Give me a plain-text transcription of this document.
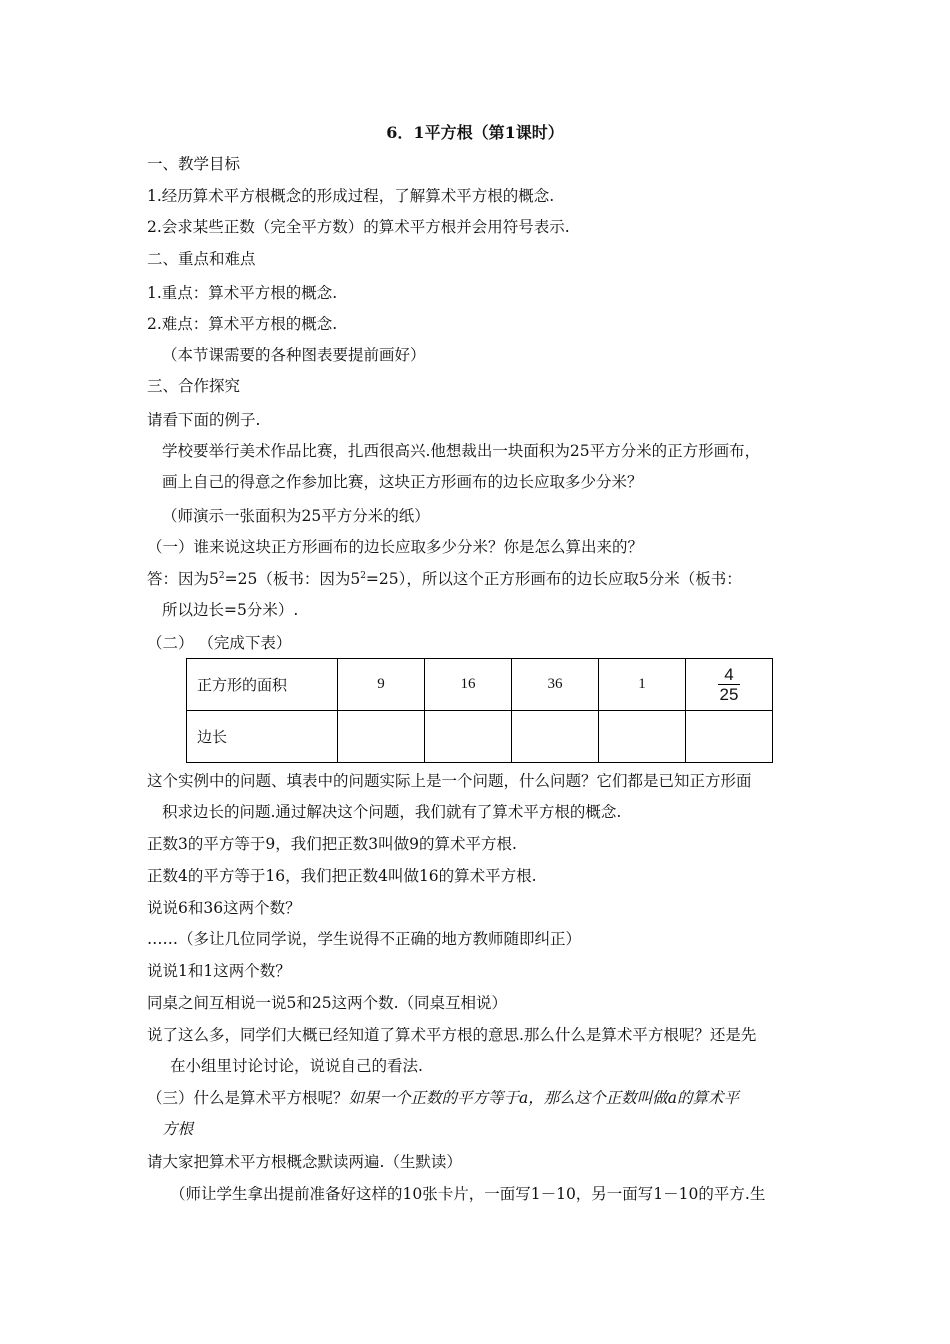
6．1平方根（第1课时）
一、教学目标
1.经历算术平方根概念的形成过程，了解算术平方根的概念.
2.会求某些正数（完全平方数）的算术平方根并会用符号表示.
二、重点和难点
1.重点：算术平方根的概念.
2.难点：算术平方根的概念.
（本节课需要的各种图表要提前画好）
三、合作探究
请看下面的例子.
学校要举行美术作品比赛，扎西很高兴.他想裁出一块面积为25平方分米的正方形画布，
画上自己的得意之作参加比赛，这块正方形画布的边长应取多少分米？
（师演示一张面积为25平方分米的纸）
（一）谁来说这块正方形画布的边长应取多少分米？你是怎么算出来的？
答：因为$5^2=25$（板书：因为$5^2=25$），所以这个正方形画布的边长应取5分米（板书：
所以边长=5分米）.
（二） （完成下表）
正方形的面积	9	16	36	1	$\frac{4}{25}$

边长					
这个实例中的问题、填表中的问题实际上是一个问题，什么问题？它们都是已知正方形面
积求边长的问题.通过解决这个问题，我们就有了算术平方根的概念.
正数3的平方等于9，我们把正数3叫做9的算术平方根.
正数4的平方等于16，我们把正数4叫做16的算术平方根.
说说6和36这两个数？
……（多让几位同学说，学生说得不正确的地方教师随即纠正）
说说1和1这两个数？
同桌之间互相说一说5和25这两个数.（同桌互相说）
说了这么多，同学们大概已经知道了算术平方根的意思.那么什么是算术平方根呢？还是先
在小组里讨论讨论，说说自己的看法.
（三）什么是算术平方根呢？如果一个正数的平方等于a，那么这个正数叫做a的算术平
方根
请大家把算术平方根概念默读两遍.（生默读）
（师让学生拿出提前准备好这样的10张卡片，一面写1－10，另一面写1－10的平方.生
